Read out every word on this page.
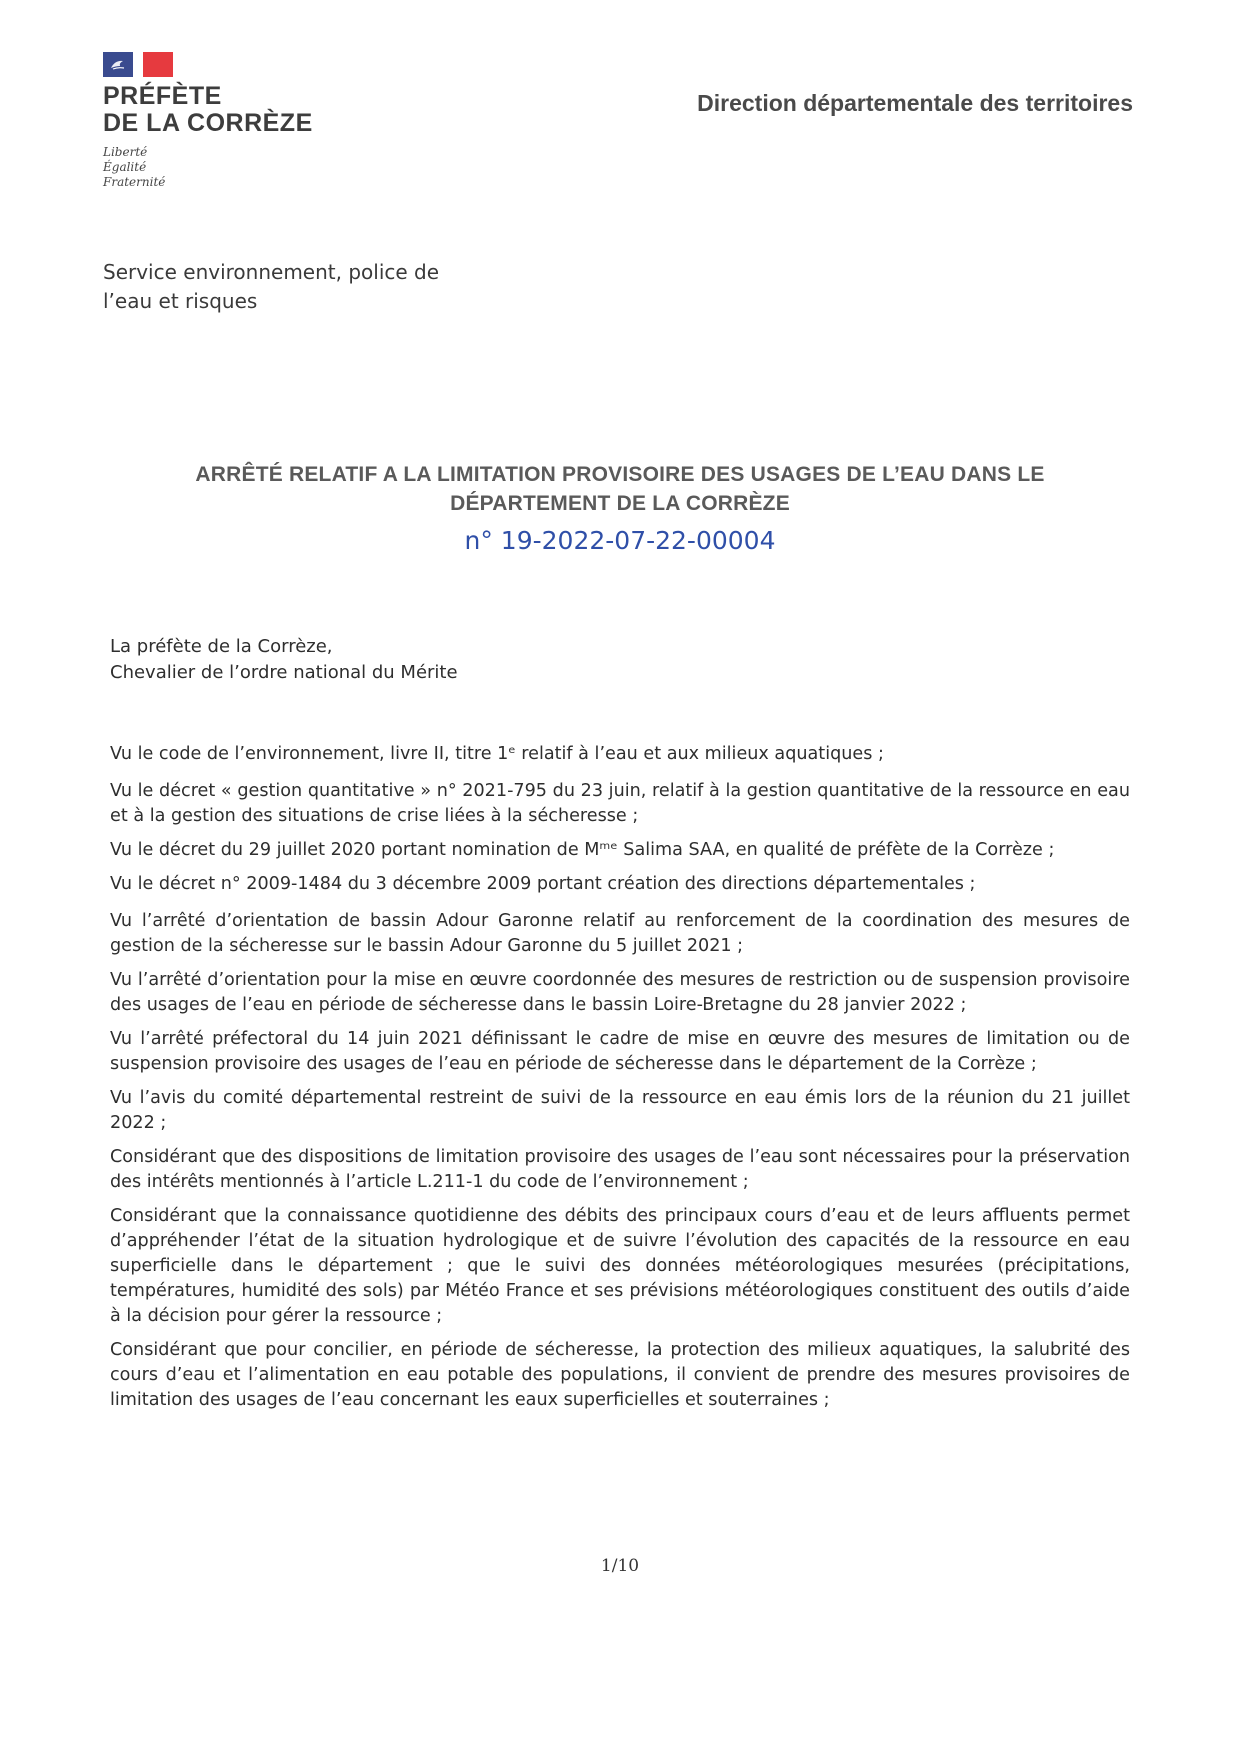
PRÉFÈTE
DE LA CORRÈZE
Liberté
Égalité
Fraternité
Direction départementale des territoires
Service environnement, police de
l’eau et risques
ARRÊTÉ RELATIF A LA LIMITATION PROVISOIRE DES USAGES DE L’EAU DANS LE
DÉPARTEMENT DE LA CORRÈZE
n° 19-2022-07-22-00004
La préfète de la Corrèze,
Chevalier de l’ordre national du Mérite

Vu le code de l’environnement, livre II, titre 1ᵉ relatif à l’eau et aux milieux aquatiques ;

Vu le décret « gestion quantitative » n° 2021-795 du 23 juin, relatif à la gestion quantitative de la ressource en eau et à la gestion des situations de crise liées à la sécheresse ;

Vu le décret du 29 juillet 2020 portant nomination de Mᵐᵉ Salima SAA, en qualité de préfète de la Corrèze ;

Vu le décret n° 2009-1484 du 3 décembre 2009 portant création des directions départementales ;

Vu l’arrêté d’orientation de bassin Adour Garonne relatif au renforcement de la coordination des mesures de gestion de la sécheresse sur le bassin Adour Garonne du 5 juillet 2021 ;

Vu l’arrêté d’orientation pour la mise en œuvre coordonnée des mesures de restriction ou de suspension provisoire des usages de l’eau en période de sécheresse dans le bassin Loire-Bretagne du 28 janvier 2022 ;

Vu l’arrêté préfectoral du 14 juin 2021 définissant le cadre de mise en œuvre des mesures de limitation ou de suspension provisoire des usages de l’eau en période de sécheresse dans le département de la Corrèze ;

Vu l’avis du comité départemental restreint de suivi de la ressource en eau émis lors de la réunion du 21 juillet 2022 ;

Considérant que des dispositions de limitation provisoire des usages de l’eau sont nécessaires pour la préservation des intérêts mentionnés à l’article L.211-1 du code de l’environnement ;

Considérant que la connaissance quotidienne des débits des principaux cours d’eau et de leurs affluents permet d’appréhender l’état de la situation hydrologique et de suivre l’évolution des capacités de la ressource en eau superficielle dans le département ; que le suivi des données météorologiques mesurées (précipitations, températures, humidité des sols) par Météo France et ses prévisions météorologiques constituent des outils d’aide à la décision pour gérer la ressource ;

Considérant que pour concilier, en période de sécheresse, la protection des milieux aquatiques, la salubrité des cours d’eau et l’alimentation en eau potable des populations, il convient de prendre des mesures provisoires de limitation des usages de l’eau concernant les eaux superficielles et souterraines ;

1/10
